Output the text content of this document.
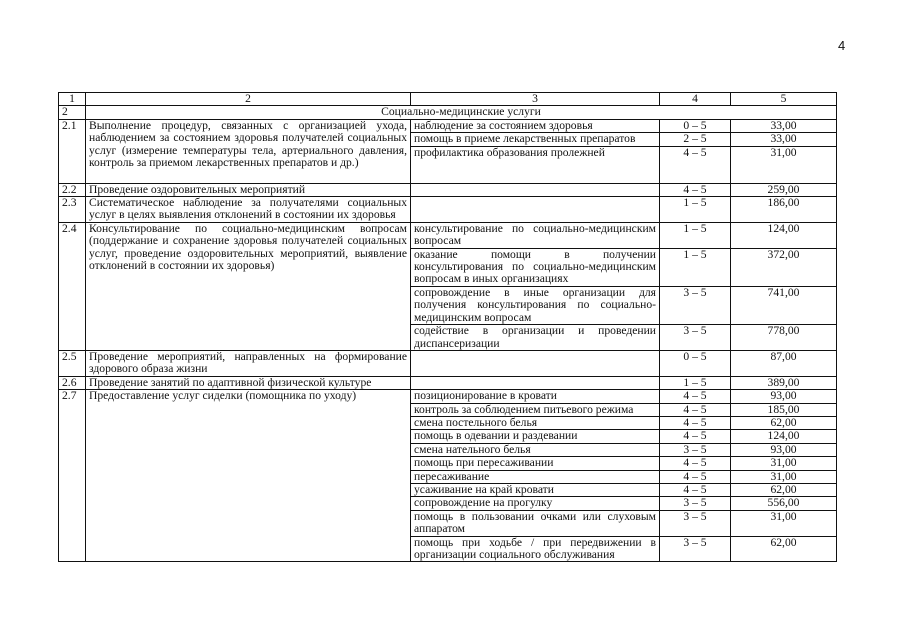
4
1	2	3	4	5
2	Социально-медицинские услуги			
2.1	Выполнение процедур, связанных с организацией ухода, наблюдением за состоянием здоровья получателей социальных услуг (измерение температуры тела, артериального давления, контроль за приемом лекарственных препаратов и др.)	наблюдение за состоянием здоровья	0 – 5	33,00
		помощь в приеме лекарственных препаратов	2 – 5	33,00
		профилактика образования пролежней	4 – 5	31,00
2.2	Проведение оздоровительных мероприятий		4 – 5	259,00
2.3	Систематическое наблюдение за получателями социальных услуг в целях выявления отклонений в состоянии их здоровья		1 – 5	186,00
2.4	Консультирование по социально-медицинским вопросам (поддержание и сохранение здоровья получателей социальных услуг, проведение оздоровительных мероприятий, выявление отклонений в состоянии их здоровья)	консультирование по социально-медицинским вопросам	1 – 5	124,00
		оказание помощи в получении консультирования по социально-медицинским вопросам в иных организациях	1 – 5	372,00
		сопровождение в иные организации для получения консультирования по социально-медицинским вопросам	3 – 5	741,00
		содействие в организации и проведении диспансеризации	3 – 5	778,00
2.5	Проведение мероприятий, направленных на формирование здорового образа жизни		0 – 5	87,00
2.6	Проведение занятий по адаптивной физической культуре		1 – 5	389,00
2.7	Предоставление услуг сиделки (помощника по уходу)	позиционирование в кровати	4 – 5	93,00
		контроль за соблюдением питьевого режима	4 – 5	185,00
		смена постельного белья	4 – 5	62,00
		помощь в одевании и раздевании	4 – 5	124,00
		смена нательного белья	3 – 5	93,00
		помощь при пересаживании	4 – 5	31,00
		пересаживание	4 – 5	31,00
		усаживание на край кровати	4 – 5	62,00
		сопровождение на прогулку	3 – 5	556,00
		помощь в пользовании очками или слуховым аппаратом	3 – 5	31,00
		помощь при ходьбе / при передвижении в организации социального обслуживания	3 – 5	62,00
